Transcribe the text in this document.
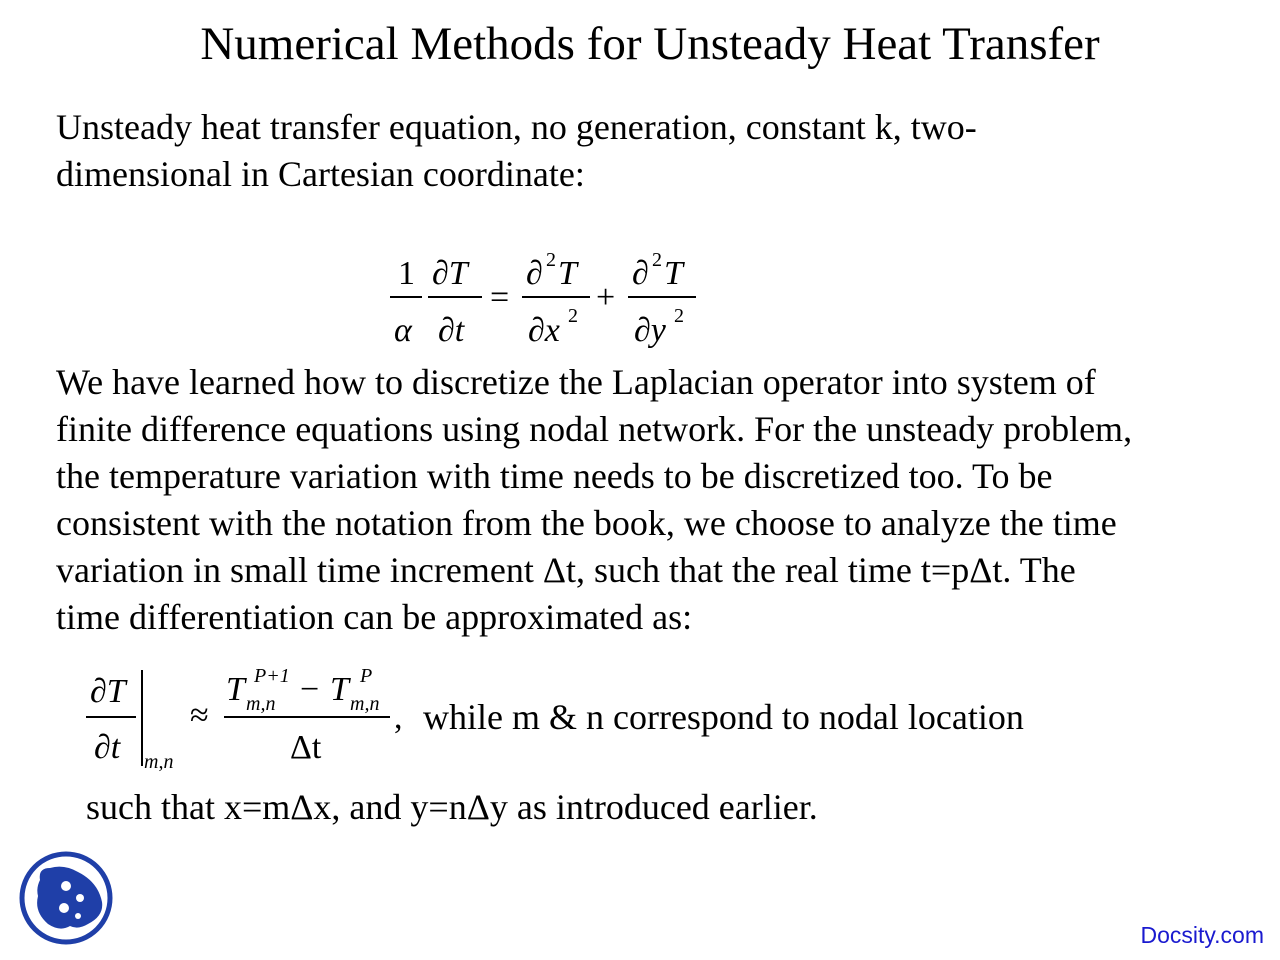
Numerical Methods for Unsteady Heat Transfer
Unsteady heat transfer equation, no generation, constant k, two-
dimensional in Cartesian coordinate:
1
α
∂T
∂t
=
∂ 2 T
∂x 2 +
∂ 2 T
∂y 2
We have learned how to discretize the Laplacian operator into system of
finite difference equations using nodal network. For the unsteady problem,
the temperature variation with time needs to be discretized too. To be
consistent with the notation from the book, we choose to analyze the time
variation in small time increment Δt, such that the real time t=pΔt. The
time differentiation can be approximated as:
∂T
∂t m,n
≈
T P+1
m,n − T P
m,n
Δt
, while m & n correspond to nodal location
such that x=mΔx, and y=nΔy as introduced earlier.
Docsity.com
